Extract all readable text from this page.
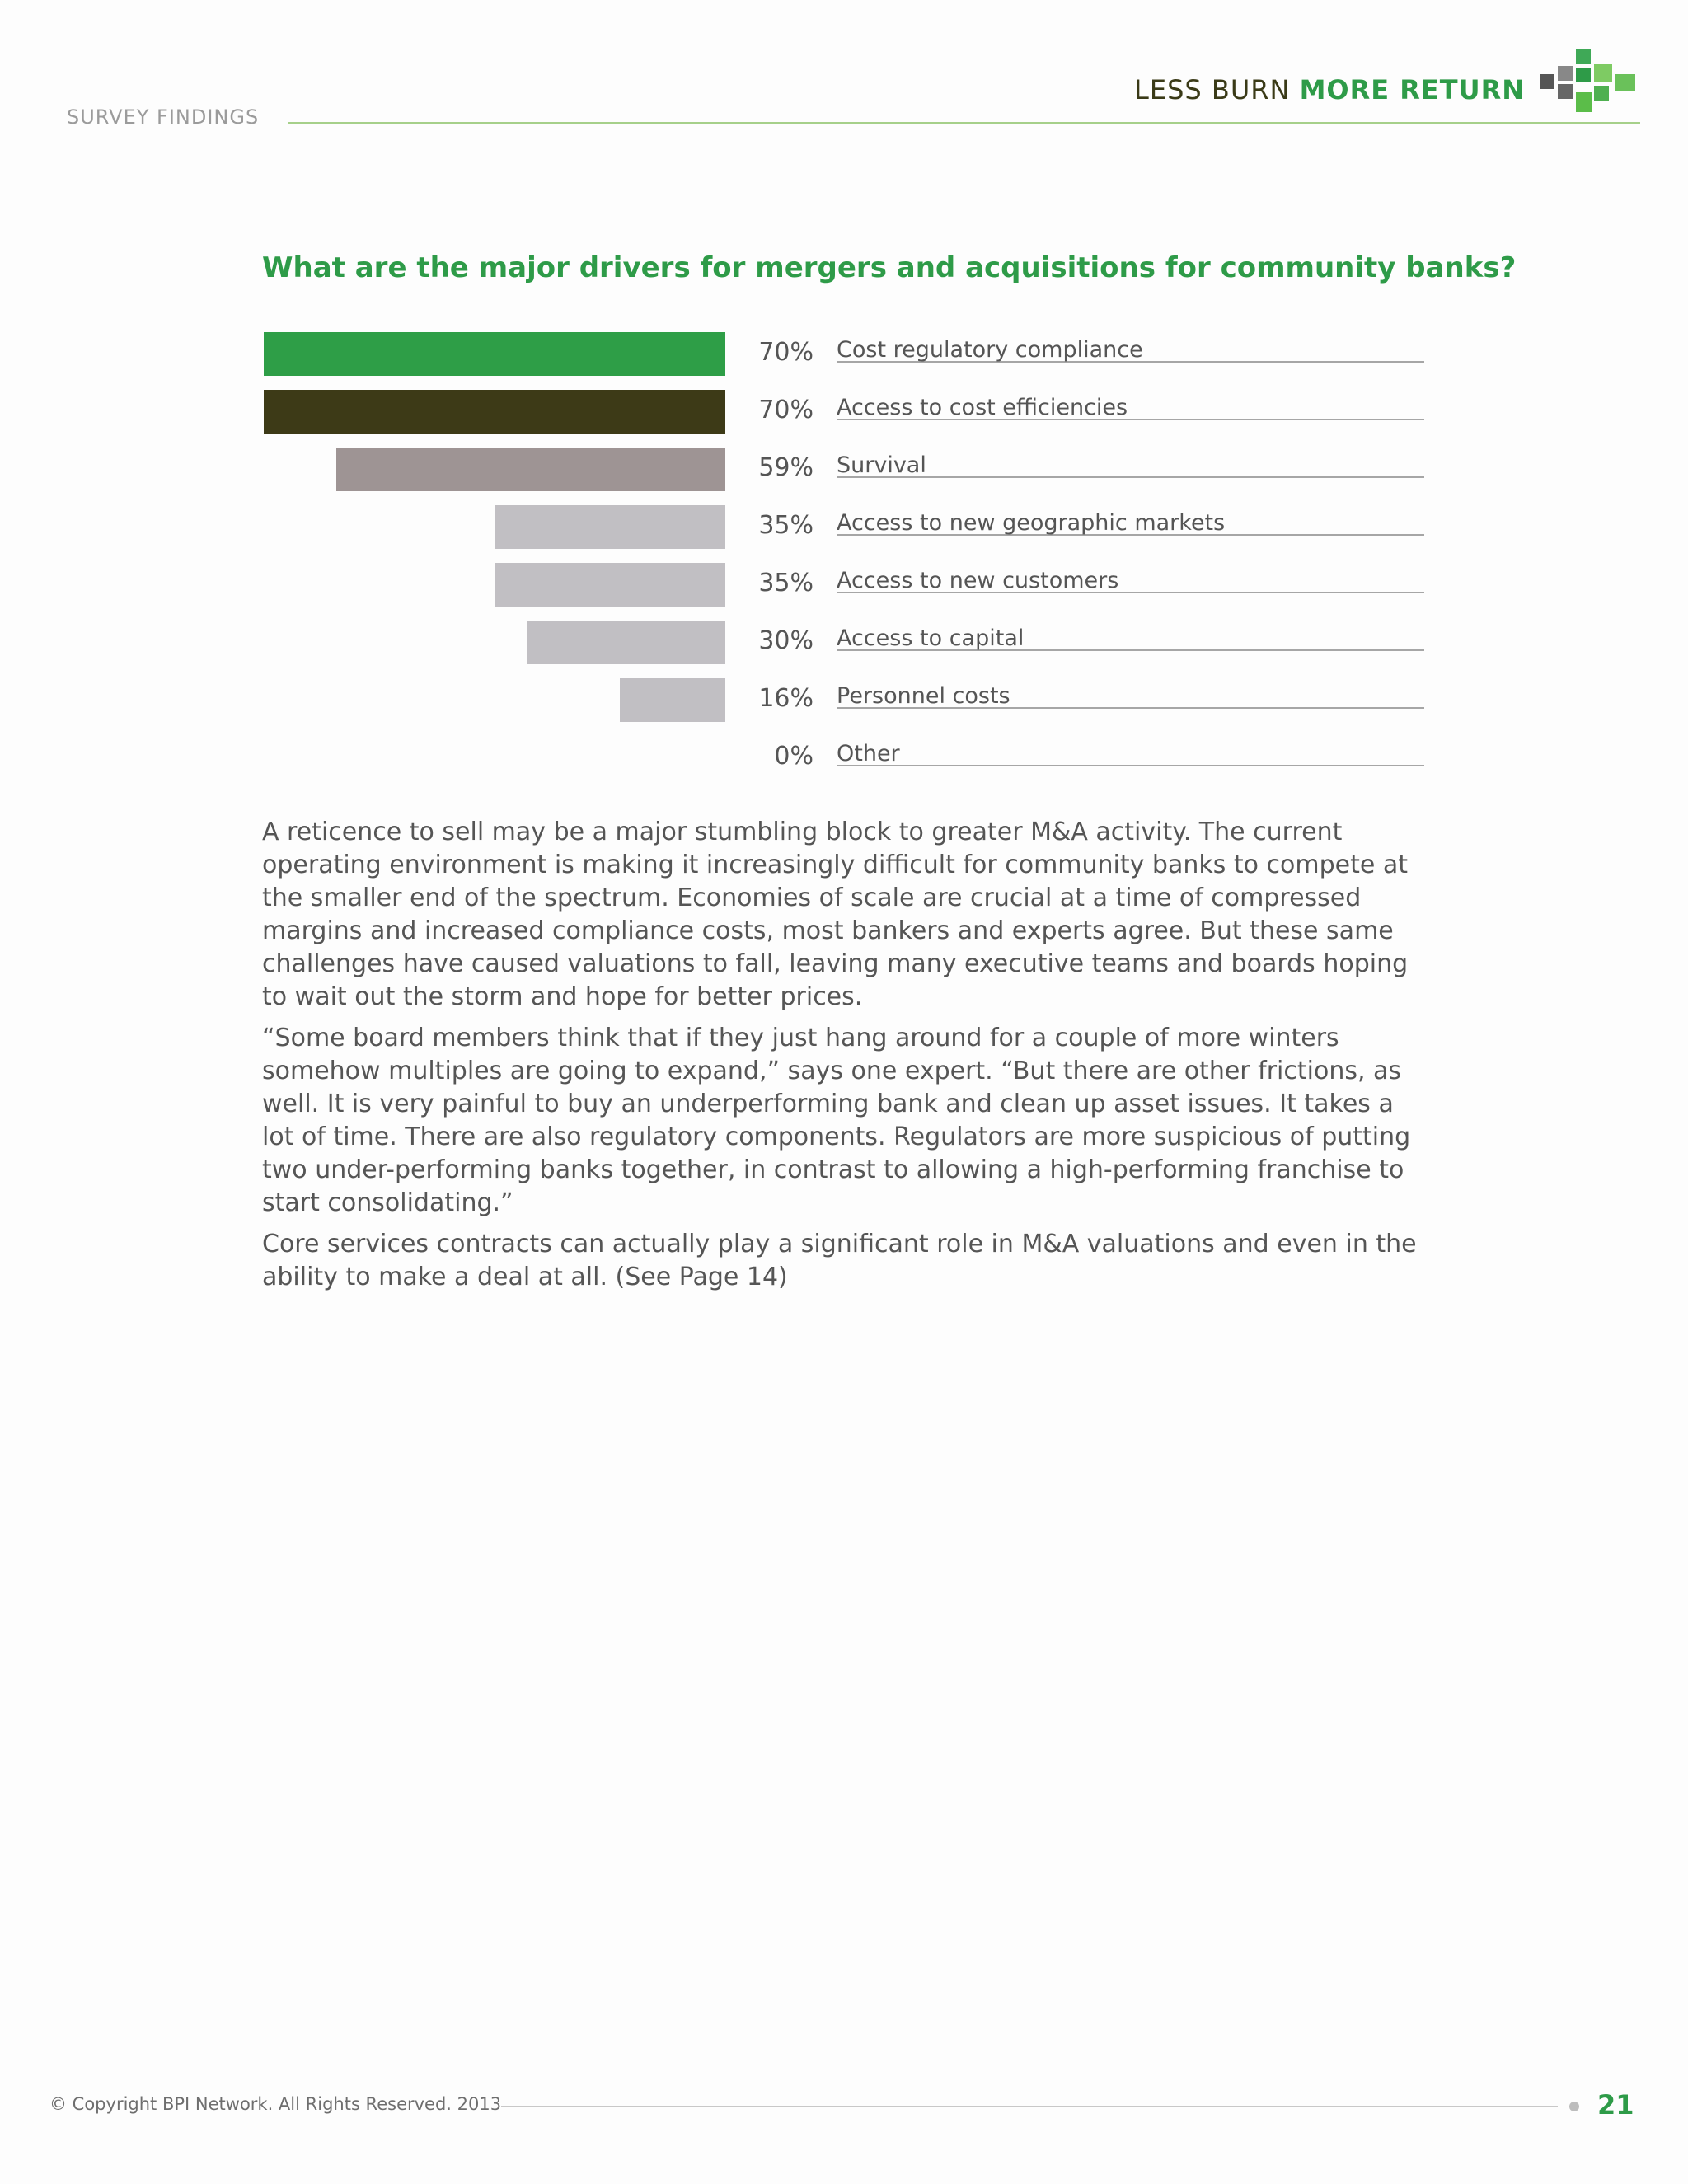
SURVEY FINDINGS
LESS BURN MORE RETURN
What are the major drivers for mergers and acquisitions for community banks?
70% Cost regulatory compliance
70% Access to cost efficiencies
59% Survival
35% Access to new geographic markets
35% Access to new customers
30% Access to capital
16% Personnel costs
0% Other

A reticence to sell may be a major stumbling block to greater M&A activity. The current operating environment is making it increasingly difficult for community banks to compete at the smaller end of the spectrum. Economies of scale are crucial at a time of compressed margins and increased compliance costs, most bankers and experts agree. But these same challenges have caused valuations to fall, leaving many executive teams and boards hoping to wait out the storm and hope for better prices.

“Some board members think that if they just hang around for a couple of more winters somehow multiples are going to expand,” says one expert. “But there are other frictions, as well. It is very painful to buy an underperforming bank and clean up asset issues. It takes a lot of time. There are also regulatory components. Regulators are more suspicious of putting two under-performing banks together, in contrast to allowing a high-performing franchise to start consolidating.”

Core services contracts can actually play a significant role in M&A valuations and even in the ability to make a deal at all. (See Page 14)

© Copyright BPI Network. All Rights Reserved. 2013	21
